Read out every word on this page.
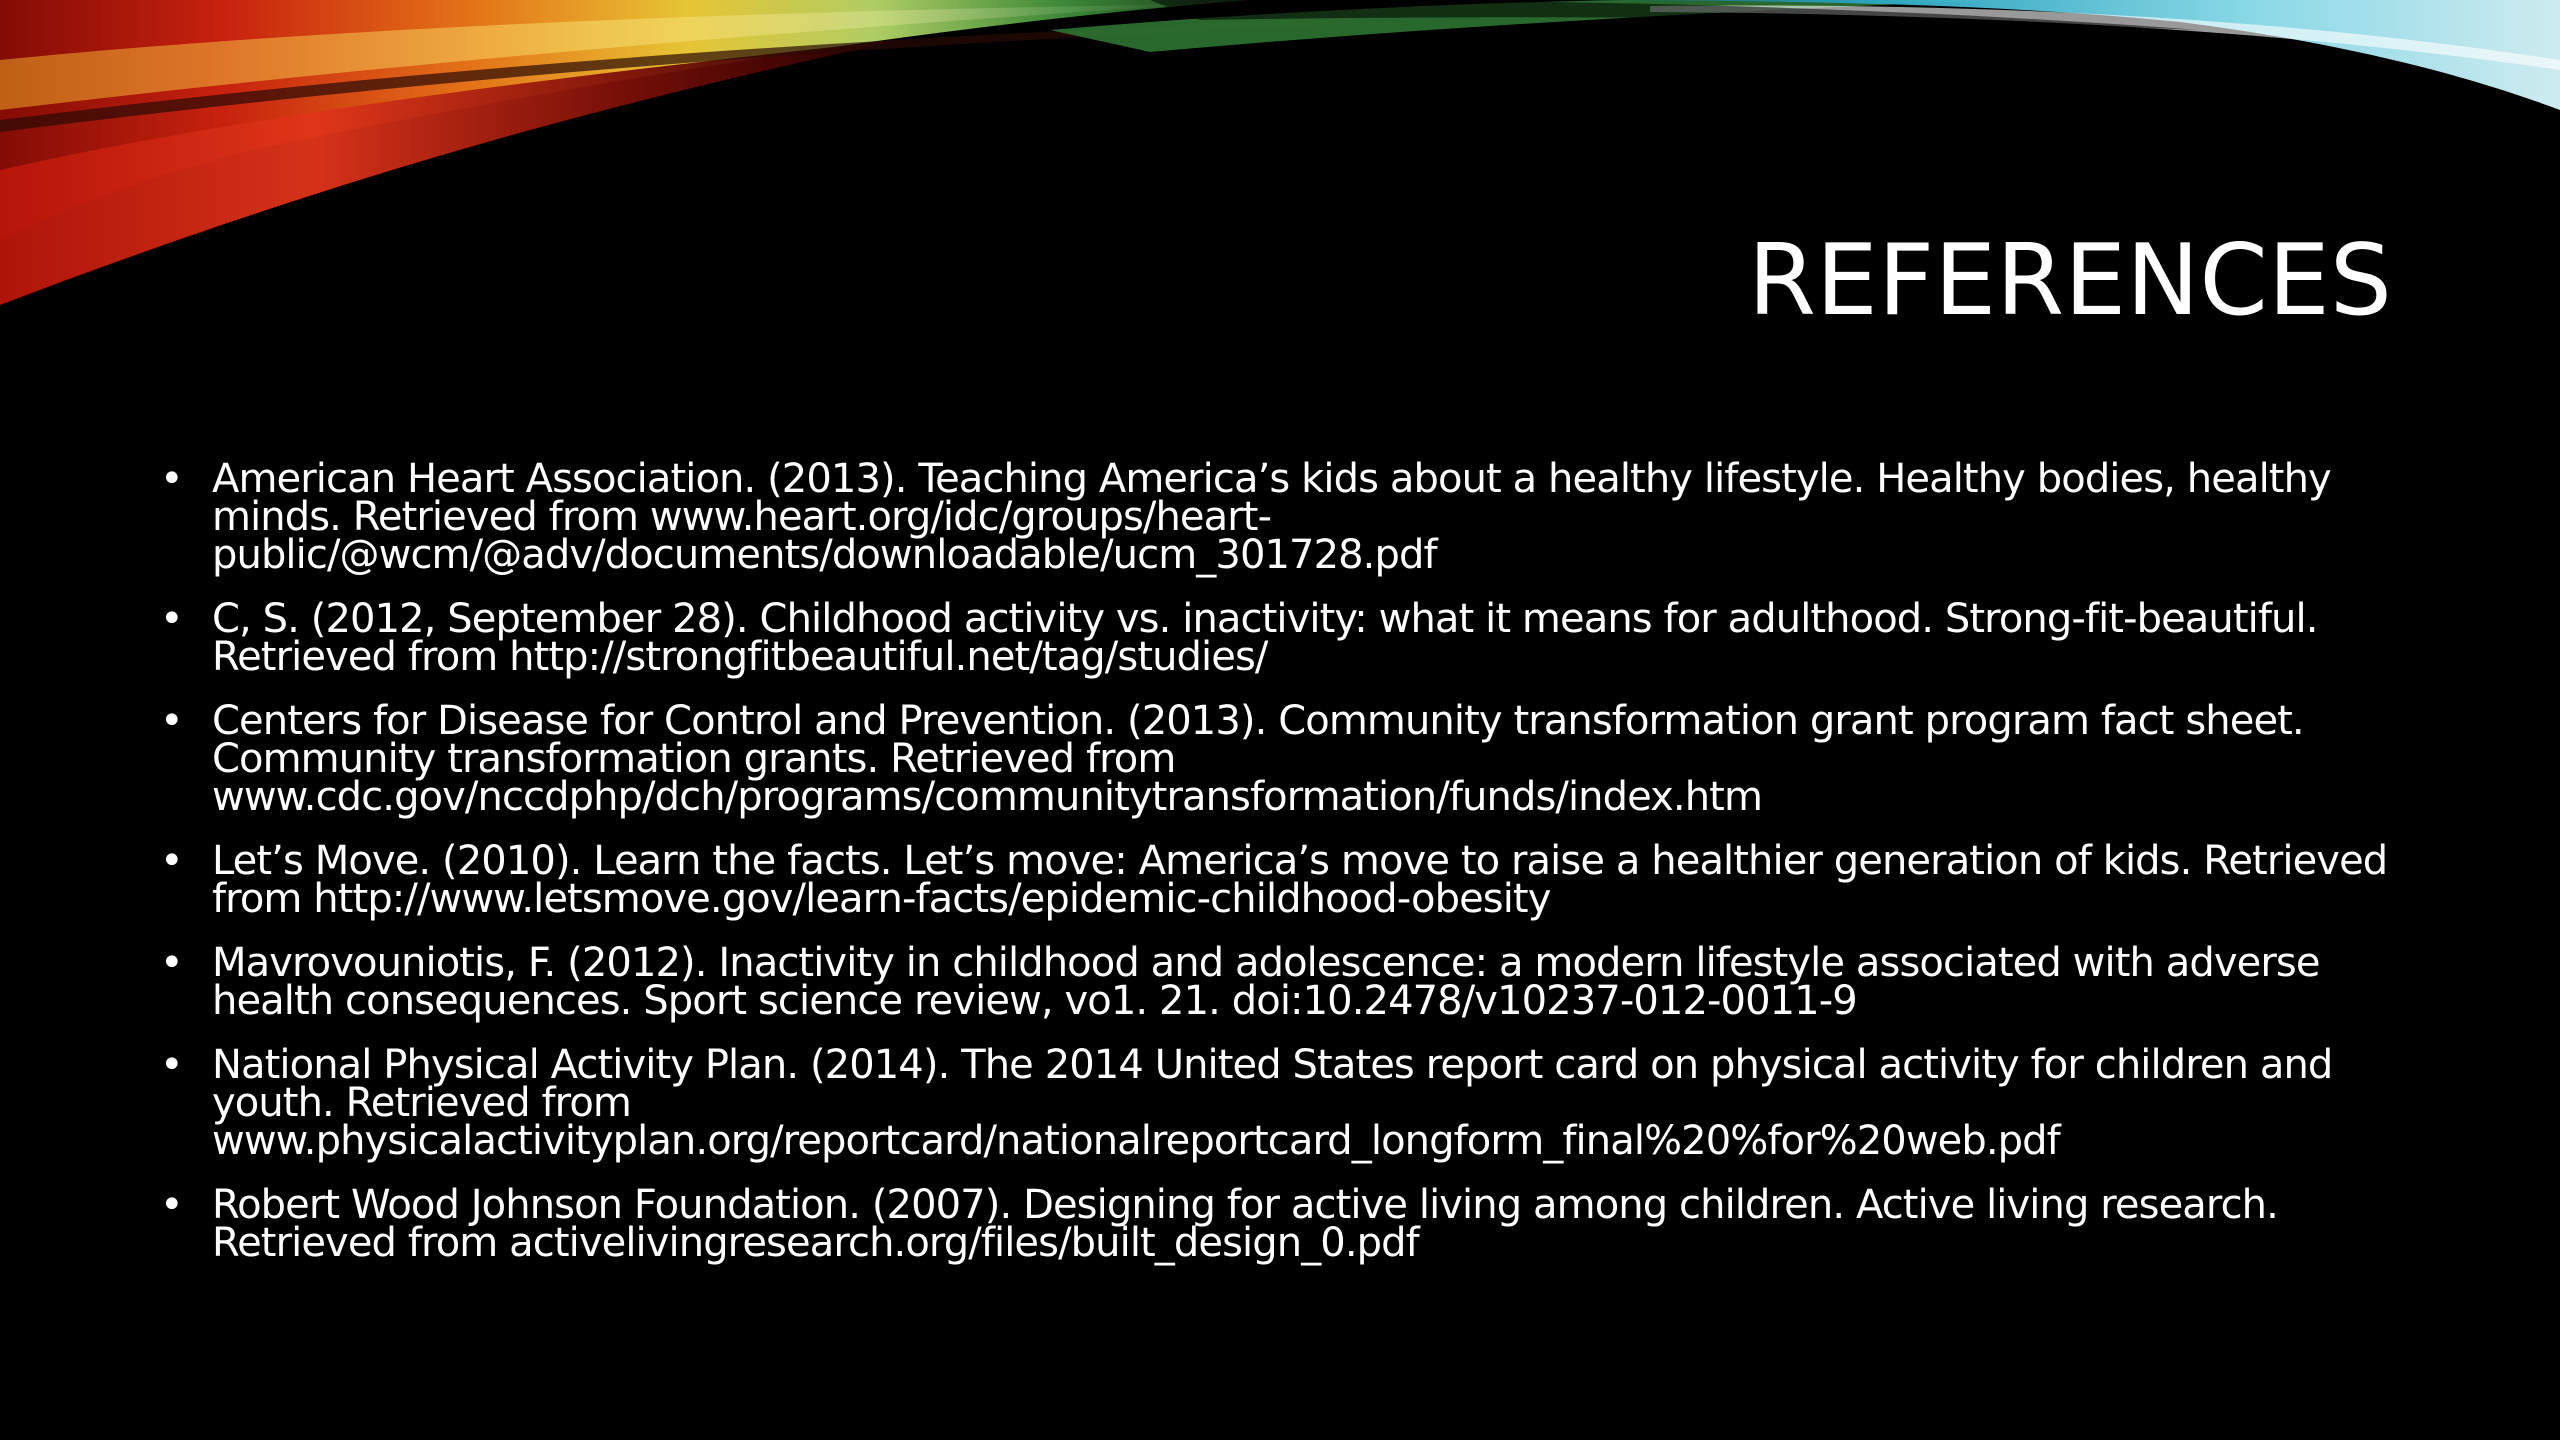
REFERENCES
• American Heart Association. (2013). Teaching America’s kids about a healthy lifestyle. Healthy bodies, healthy minds. Retrieved from www.heart.org/idc/groups/heart-public/@wcm/@adv/documents/downloadable/ucm_301728.pdf
• C, S. (2012, September 28). Childhood activity vs. inactivity: what it means for adulthood. Strong-fit-beautiful. Retrieved from http://strongfitbeautiful.net/tag/studies/
• Centers for Disease for Control and Prevention. (2013). Community transformation grant program fact sheet. Community transformation grants. Retrieved from www.cdc.gov/nccdphp/dch/programs/communitytransformation/funds/index.htm
• Let’s Move. (2010). Learn the facts. Let’s move: America’s move to raise a healthier generation of kids. Retrieved from http://www.letsmove.gov/learn-facts/epidemic-childhood-obesity
• Mavrovouniotis, F. (2012). Inactivity in childhood and adolescence: a modern lifestyle associated with adverse health consequences. Sport science review, vo1. 21. doi:10.2478/v10237-012-0011-9
• National Physical Activity Plan. (2014). The 2014 United States report card on physical activity for children and youth. Retrieved from www.physicalactivityplan.org/reportcard/nationalreportcard_longform_final%20%for%20web.pdf
• Robert Wood Johnson Foundation. (2007). Designing for active living among children. Active living research. Retrieved from activelivingresearch.org/files/built_design_0.pdf
